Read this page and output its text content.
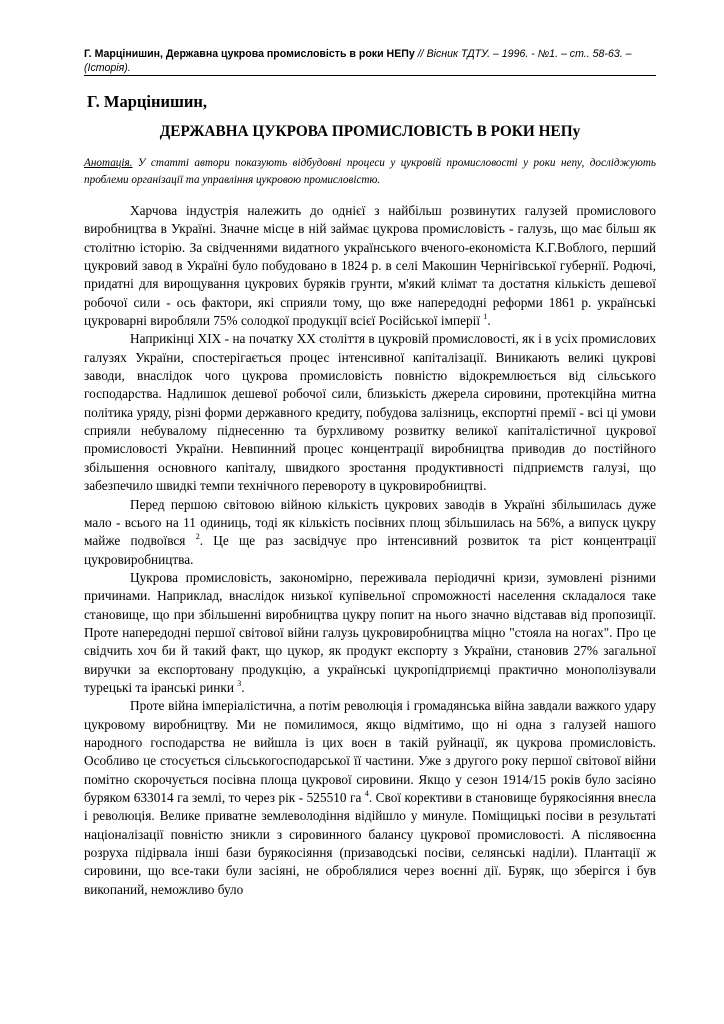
Г. Марцінишин, Державна цукрова промисловість в роки НЕПу // Вісник ТДТУ. – 1996. - №1. – ст.. 58-63. – (Історія).
Г. Марцінишин,
ДЕРЖАВНА ЦУКРОВА ПРОМИСЛОВІСТЬ В РОКИ НЕПу
Анотація. У статті автори показують відбудовні процеси у цукровій промисловості у роки непу, досліджують проблеми організації та управління цукровою промисловістю.

Харчова індустрія належить до однієї з найбільш розвинутих галузей промислового виробництва в Україні. Значне місце в ній займає цукрова промисловість - галузь, що має більш як столітню історію. За свідченнями видатного українського вченого-економіста К.Г.Воблого, перший цукровий завод в Україні було побудовано в 1824 р. в селі Макошин Чернігівської губернії. Родючі, придатні для вирощування цукрових буряків грунти, м'який клімат та достатня кількість дешевої робочої сили - ось фактори, які сприяли тому, що вже напередодні реформи 1861 р. українські цукроварні виробляли 75% солодкої продукції всієї Російської імперії $^1$.

Наприкінці XIX - на початку XX століття в цукровій промисловості, як і в усіх промислових галузях України, спостерігається процес інтенсивної капіталізації. Виникають великі цукрові заводи, внаслідок чого цукрова промисловість повністю відокремлюється від сільського господарства. Надлишок дешевої робочої сили, близькість джерела сировини, протекційна митна політика уряду, різні форми державного кредиту, побудова залізниць, експортні премії - всі ці умови сприяли небувалому піднесенню та бурхливому розвитку великої капіталістичної цукрової промисловості України. Невпинний процес концентрації виробництва приводив до постійного збільшення основного капіталу, швидкого зростання продуктивності підприємств галузі, що забезпечило швидкі темпи технічного перевороту в цукровиробництві.

Перед першою світовою війною кількість цукрових заводів в Україні збільшилась дуже мало - всього на 11 одиниць, тоді як кількість посівних площ збільшилась на 56%, а випуск цукру майже подвоївся $^2$. Це ще раз засвідчує про інтенсивний розвиток та ріст концентрації цукровиробництва.

Цукрова промисловість, закономірно, переживала періодичні кризи, зумовлені різними причинами. Наприклад, внаслідок низької купівельної спроможності населення складалося таке становище, що при збільшенні виробництва цукру попит на нього значно відставав від пропозиції. Проте напередодні першої світової війни галузь цукровиробництва міцно "стояла на ногах". Про це свідчить хоч би й такий факт, що цукор, як продукт експорту з України, становив 27% загальної виручки за експортовану продукцію, а українські цукропідприємці практично монополізували турецькі та іранські ринки $^3$.

Проте війна імперіалістична, а потім революція і громадянська війна завдали важкого удару цукровому виробництву. Ми не помилимося, якщо відмітимо, що ні одна з галузей нашого народного господарства не вийшла із цих воєн в такій руйнації, як цукрова промисловість. Особливо це стосується сільськогосподарської її частини. Уже з другого року першої світової війни помітно скорочується посівна площа цукрової сировини. Якщо у сезон 1914/15 років було засіяно буряком 633014 га землі, то через рік - 525510 га $^4$. Свої корективи в становище бурякосіяння внесла і революція. Велике приватне землеволодіння відійшло у минуле. Поміщицькі посіви в результаті націоналізації повністю зникли з сировинного балансу цукрової промисловості. А післявоєнна розруха підірвала інші бази бурякосіяння (призаводські посіви, селянські наділи). Плантації ж сировини, що все-таки були засіяні, не оброблялися через воєнні дії. Буряк, що зберігся і був викопаний, неможливо було
